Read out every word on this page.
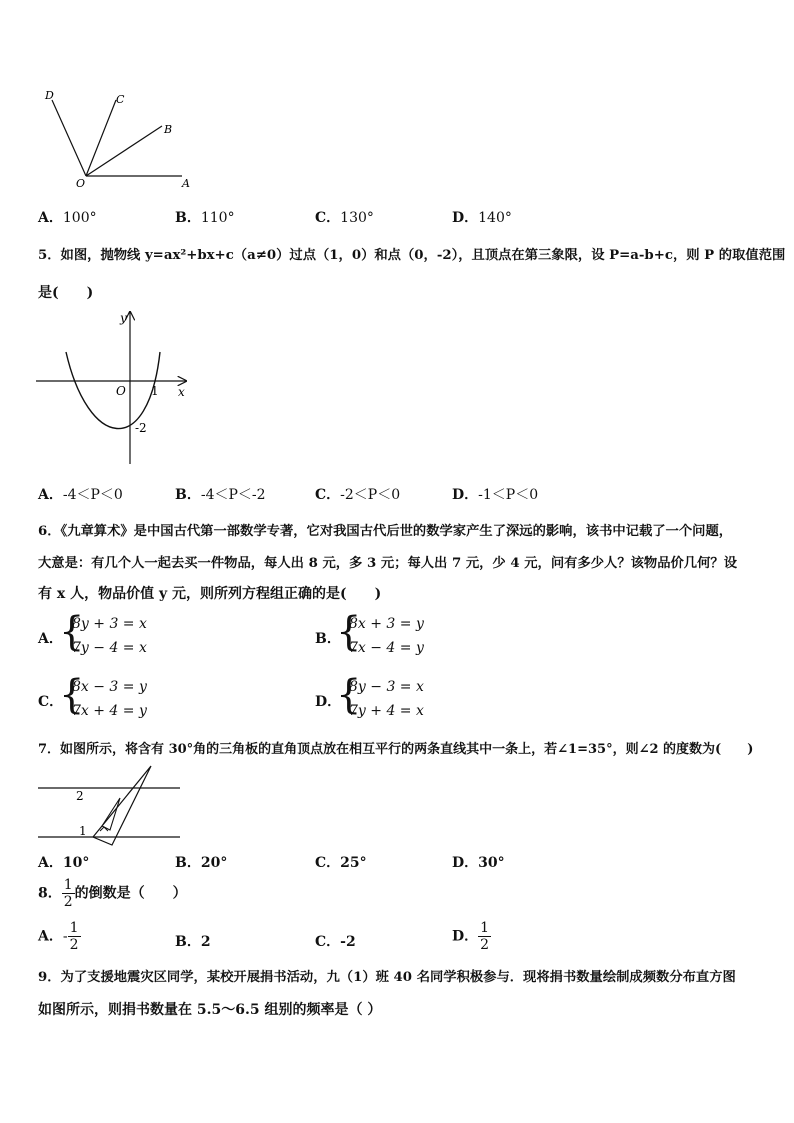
D	C
B
O	A
A．100°	B．110°	C．130°	D．140°
5．如图，抛物线 y=ax²+bx+c（a≠0）过点（1，0）和点（0，-2），且顶点在第三象限，设 P=a-b+c，则 P 的取值范围
是(　　)
y
x
O 1
-2
A．-4＜P＜0	B．-4＜P＜-2	C．-2＜P＜0	D．-1＜P＜0
6．《九章算术》是中国古代第一部数学专著，它对我国古代后世的数学家产生了深远的影响，该书中记载了一个问题，
大意是：有几个人一起去买一件物品，每人出 8 元，多 3 元；每人出 7 元，少 4 元，问有多少人？该物品价几何？设
有 x 人，物品价值 y 元，则所列方程组正确的是(　　)
A．
{
8y + 3 = x
7y − 4 = x
B．
{
8x + 3 = y
7x − 4 = y
C．
{
8x − 3 = y
7x + 4 = y
D．
{
8y − 3 = x
7y + 4 = x
7．如图所示，将含有 30°角的三角板的直角顶点放在相互平行的两条直线其中一条上，若∠1=35°，则∠2 的度数为(　　)
2
1
A．10°	B．20°	C．25°	D．30°
8． $\frac{1}{2}$ 的倒数是（　　）
A．- $\frac{1}{2}$	B．2	C．-2	D． $\frac{1}{2}$
9．为了支援地震灾区同学，某校开展捐书活动，九（1）班 40 名同学积极参与．现将捐书数量绘制成频数分布直方图
如图所示，则捐书数量在 5.5～6.5 组别的频率是（ ）
